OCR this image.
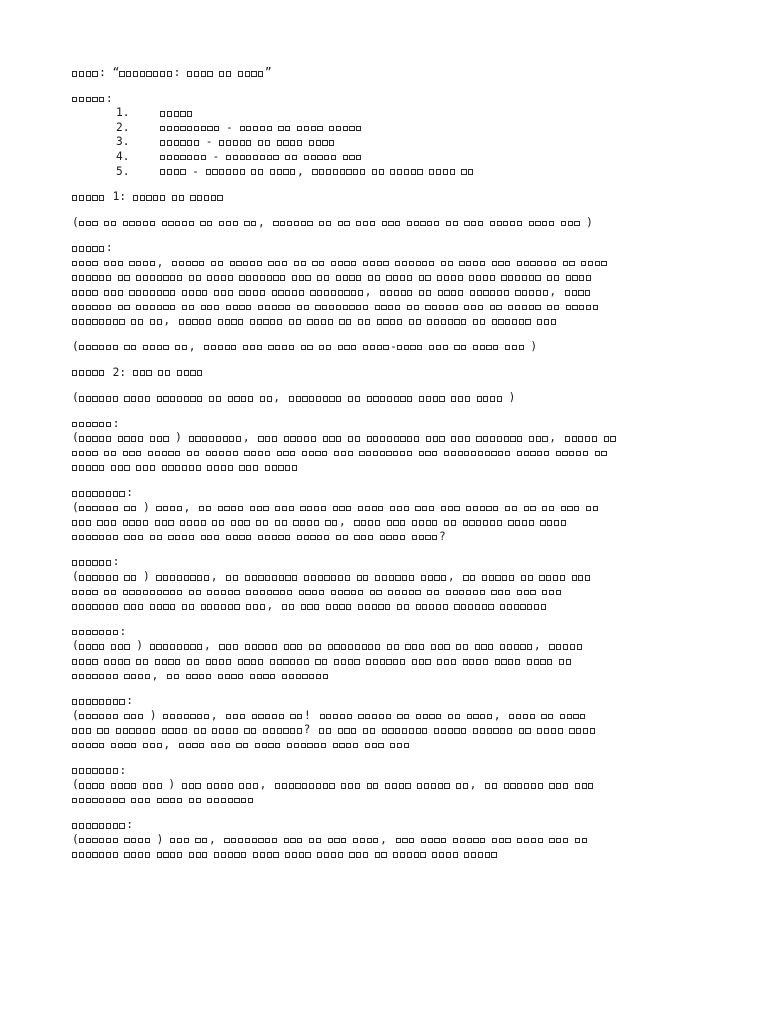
: “	:	”
:
1.
2.	-
3.	-
4.	-
5.	-	,
1:
(	,	)
:
,
,	,
,
(	,	-	)
2:
(	,	)
:
(	)	,	,
:
(	) ,
,
?
:
(	)	,	,
,
:
(	)	,	,
,
:
(	)	,	!	,
?
,
:
(	)	,	,
:
(	)	,	,
